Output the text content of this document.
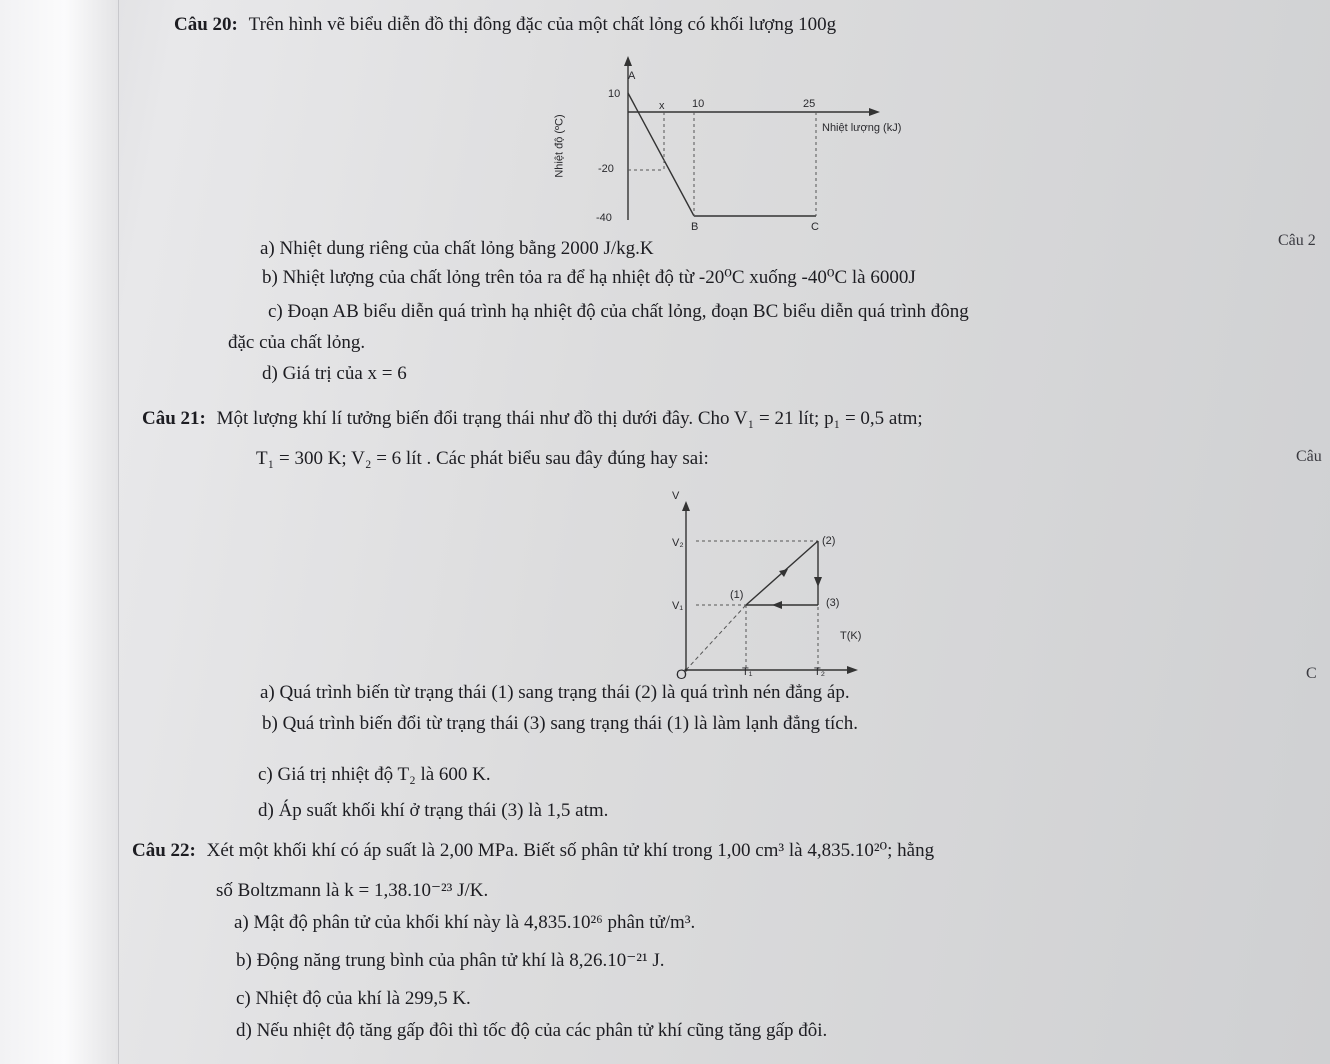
Câu 20: Trên hình vẽ biểu diễn đồ thị đông đặc của một chất lỏng có khối lượng 100g
10
A
x	10	25
Nhiệt lượng (kJ)
-20
-40
B	C
Nhiệt độ (ºC)
a) Nhiệt dung riêng của chất lỏng bằng 2000 J/kg.K
b) Nhiệt lượng của chất lỏng trên tỏa ra để hạ nhiệt độ từ -20⁰C xuống -40⁰C là 6000J
c) Đoạn AB biểu diễn quá trình hạ nhiệt độ của chất lỏng, đoạn BC biểu diễn quá trình đông
đặc của chất lỏng.
d) Giá trị của x = 6
Câu 21: Một lượng khí lí tưởng biến đổi trạng thái như đồ thị dưới đây. Cho V₁ = 21 lít; p₁ = 0,5 atm;
T₁ = 300 K; V₂ = 6 lít . Các phát biểu sau đây đúng hay sai:
V
V₂	(2)
(1)
(3)
V₁
T(K)
O	T₁	T₂
a) Quá trình biến từ trạng thái (1) sang trạng thái (2) là quá trình nén đẳng áp.
b) Quá trình biến đổi từ trạng thái (3) sang trạng thái (1) là làm lạnh đẳng tích.
c) Giá trị nhiệt độ T₂ là 600 K.
d) Áp suất khối khí ở trạng thái (3) là 1,5 atm.
Câu 22: Xét một khối khí có áp suất là 2,00 MPa. Biết số phân tử khí trong 1,00 cm³ là 4,835.10²⁰; hằng
số Boltzmann là k = 1,38.10⁻²³ J/K.
a) Mật độ phân tử của khối khí này là 4,835.10²⁶ phân tử/m³.
b) Động năng trung bình của phân tử khí là 8,26.10⁻²¹ J.
c) Nhiệt độ của khí là 299,5 K.
d) Nếu nhiệt độ tăng gấp đôi thì tốc độ của các phân tử khí cũng tăng gấp đôi.
Câu 2
Câu
C
